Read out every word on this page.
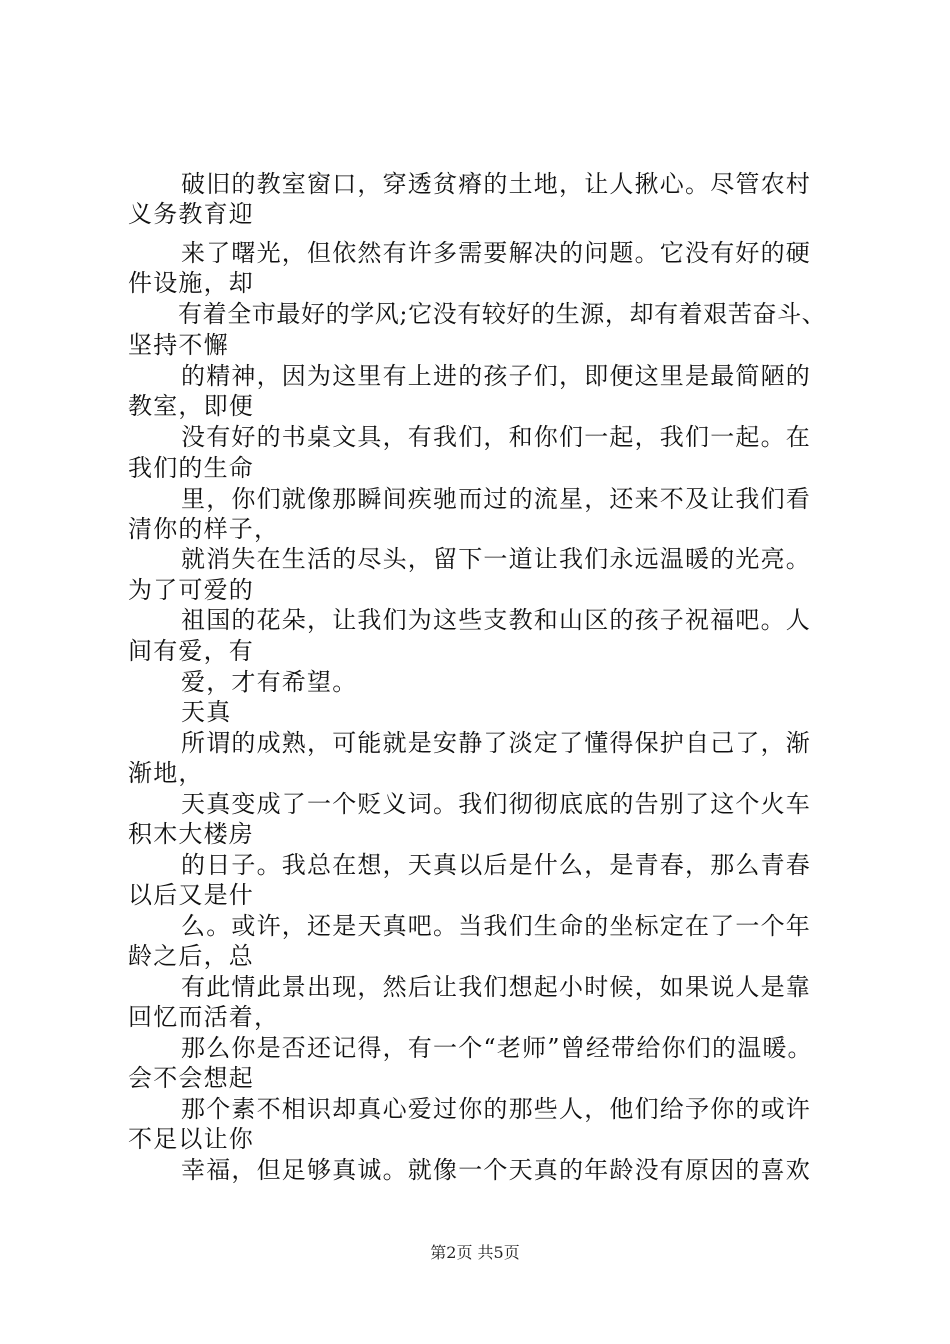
破旧的教室窗口，穿透贫瘠的土地，让人揪心。尽管农村
义务教育迎
来了曙光，但依然有许多需要解决的问题。它没有好的硬
件设施，却
有着全市最好的学风;它没有较好的生源，却有着艰苦奋斗、
坚持不懈
的精神，因为这里有上进的孩子们，即便这里是最简陋的
教室，即便
没有好的书桌文具，有我们，和你们一起，我们一起。在
我们的生命
里，你们就像那瞬间疾驰而过的流星，还来不及让我们看
清你的样子，
就消失在生活的尽头，留下一道让我们永远温暖的光亮。
为了可爱的
祖国的花朵，让我们为这些支教和山区的孩子祝福吧。人
间有爱，有
爱，才有希望。
天真
所谓的成熟，可能就是安静了淡定了懂得保护自己了，渐
渐地，
天真变成了一个贬义词。我们彻彻底底的告别了这个火车
积木大楼房
的日子。我总在想，天真以后是什么，是青春，那么青春
以后又是什
么。或许，还是天真吧。当我们生命的坐标定在了一个年
龄之后，总
有此情此景出现，然后让我们想起小时候，如果说人是靠
回忆而活着，
那么你是否还记得，有一个“老师”曾经带给你们的温暖。
会不会想起
那个素不相识却真心爱过你的那些人，他们给予你的或许
不足以让你
幸福，但足够真诚。就像一个天真的年龄没有原因的喜欢
第2页 共5页
